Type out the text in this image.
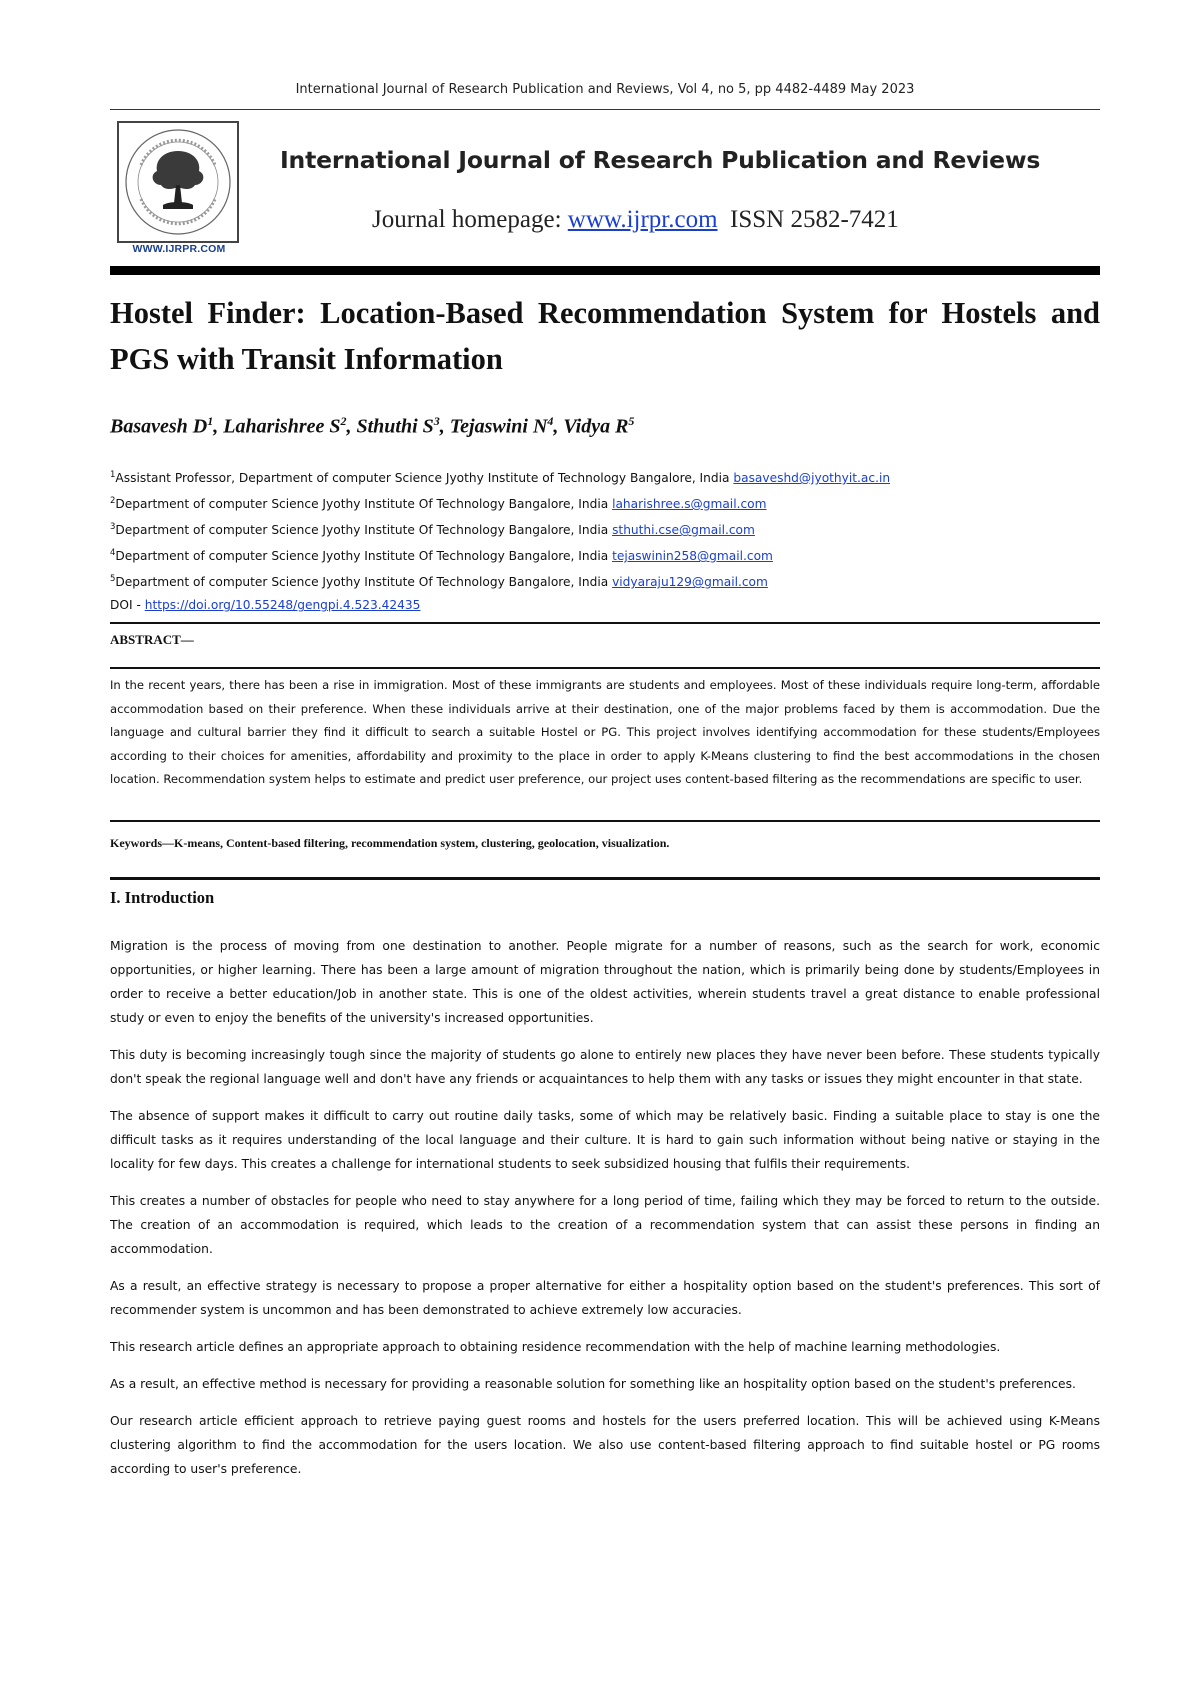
International Journal of Research Publication and Reviews, Vol 4, no 5, pp 4482-4489 May 2023
WWW.IJRPR.COM
International Journal of Research Publication and Reviews
Journal homepage: www.ijrpr.com ISSN 2582-7421
Hostel Finder: Location-Based Recommendation System for Hostels and PGS with Transit Information
Basavesh $D^1$, Laharishree $S^2$, Sthuthi $S^3$, Tejaswini $N^4$, Vidya $R^5$
$^1$Assistant Professor, Department of computer Science Jyothy Institute of Technology Bangalore, India basaveshd@jyothyit.ac.in
$^2$Department of computer Science Jyothy Institute Of Technology Bangalore, India laharishree.s@gmail.com
$^3$Department of computer Science Jyothy Institute Of Technology Bangalore, India sthuthi.cse@gmail.com
$^4$Department of computer Science Jyothy Institute Of Technology Bangalore, India tejaswinin258@gmail.com
$^5$Department of computer Science Jyothy Institute Of Technology Bangalore, India vidyaraju129@gmail.com
DOI - https://doi.org/10.55248/gengpi.4.523.42435
ABSTRACT—
In the recent years, there has been a rise in immigration. Most of these immigrants are students and employees. Most of these individuals require long-term, affordable accommodation based on their preference. When these individuals arrive at their destination, one of the major problems faced by them is accommodation. Due the language and cultural barrier they find it difficult to search a suitable Hostel or PG. This project involves identifying accommodation for these students/Employees according to their choices for amenities, affordability and proximity to the place in order to apply K-Means clustering to find the best accommodations in the chosen location. Recommendation system helps to estimate and predict user preference, our project uses content-based filtering as the recommendations are specific to user.
Keywords—K-means, Content-based filtering, recommendation system, clustering, geolocation, visualization.
I. Introduction

Migration is the process of moving from one destination to another. People migrate for a number of reasons, such as the search for work, economic opportunities, or higher learning. There has been a large amount of migration throughout the nation, which is primarily being done by students/Employees in order to receive a better education/Job in another state. This is one of the oldest activities, wherein students travel a great distance to enable professional study or even to enjoy the benefits of the university's increased opportunities.

This duty is becoming increasingly tough since the majority of students go alone to entirely new places they have never been before. These students typically don't speak the regional language well and don't have any friends or acquaintances to help them with any tasks or issues they might encounter in that state.

The absence of support makes it difficult to carry out routine daily tasks, some of which may be relatively basic. Finding a suitable place to stay is one the difficult tasks as it requires understanding of the local language and their culture. It is hard to gain such information without being native or staying in the locality for few days. This creates a challenge for international students to seek subsidized housing that fulfils their requirements.

This creates a number of obstacles for people who need to stay anywhere for a long period of time, failing which they may be forced to return to the outside. The creation of an accommodation is required, which leads to the creation of a recommendation system that can assist these persons in finding an accommodation.

As a result, an effective strategy is necessary to propose a proper alternative for either a hospitality option based on the student's preferences. This sort of recommender system is uncommon and has been demonstrated to achieve extremely low accuracies.

This research article defines an appropriate approach to obtaining residence recommendation with the help of machine learning methodologies.

As a result, an effective method is necessary for providing a reasonable solution for something like an hospitality option based on the student's preferences.

Our research article efficient approach to retrieve paying guest rooms and hostels for the users preferred location. This will be achieved using K-Means clustering algorithm to find the accommodation for the users location. We also use content-based filtering approach to find suitable hostel or PG rooms according to user's preference.
